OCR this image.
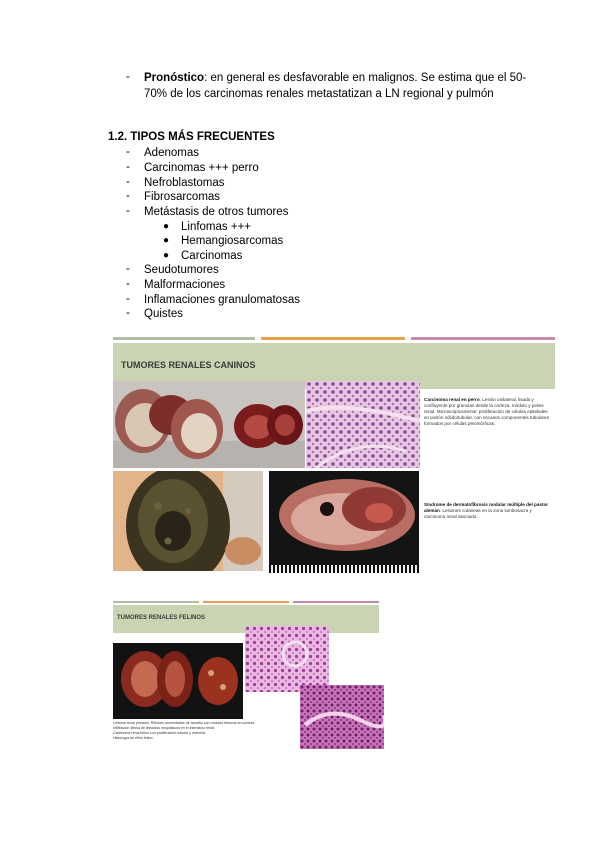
- Pronóstico: en general es desfavorable en malignos. Se estima que el 50-
70% de los carcinomas renales metastatizan a LN regional y pulmón
1.2. TIPOS MÁS FRECUENTES
- Adenomas
- Carcinomas +++ perro
- Nefroblastomas
- Fibrosarcomas
- Metástasis de otros tumores
● Linfomas +++
● Hemangiosarcomas
● Carcinomas
- Seudotumores
- Malformaciones
- Inflamaciones granulomatosas
- Quistes
TUMORES RENALES CANINOS
Carcinoma renal en perro. Lesión unilateral, lisada y confluyente por granulas desde la corteza, módulo y pelvis renal. Microscópicamente: proliferación de células epiteliales en patrón sólido/tubular, con escasos componentes tubulares formados por células pleomórficas.
Síndrome de dermatofibrosis nodular múltiple del pastor alemán. Lesiones cutáneas en la zona lumbosacra y carcinoma renal asociado.
TUMORES RENALES FELINOS
Linfoma renal primario. Riñones aumentados de tamaño con nódulos blancos en corteza.
Infiltración difusa de linfocitos neoplásicos en el intersticio renal.
Carcinoma renal felino con proliferación tubular y estroma.
Histología de riñón felino.
